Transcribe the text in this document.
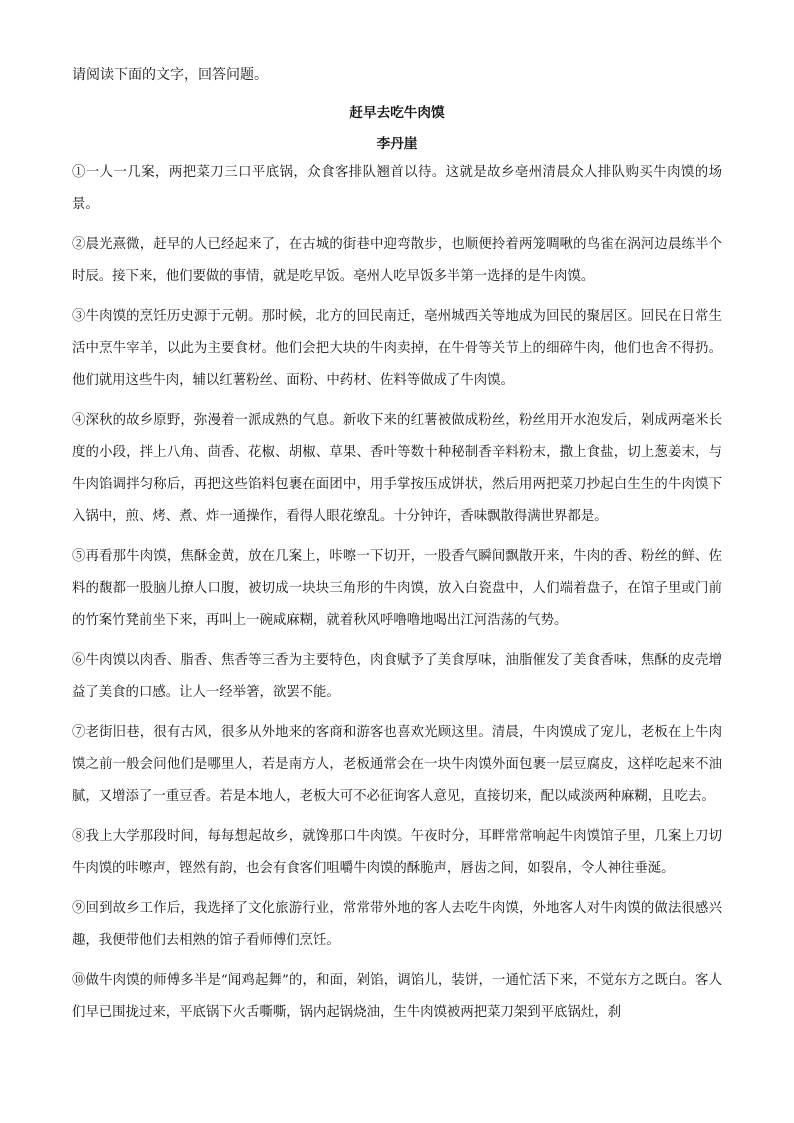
请阅读下面的文字，回答问题。
赶早去吃牛肉馍
李丹崖

①一人一几案，两把菜刀三口平底锅，众食客排队翘首以待。这就是故乡亳州清晨众人排队购买牛肉馍的场景。

②晨光熹微，赶早的人已经起来了，在古城的街巷中迎弯散步，也顺便拎着两笼啁啾的鸟雀在涡河边晨练半个时辰。接下来，他们要做的事情，就是吃早饭。亳州人吃早饭多半第一选择的是牛肉馍。

③牛肉馍的烹饪历史源于元朝。那时候，北方的回民南迁，亳州城西关等地成为回民的聚居区。回民在日常生活中烹牛宰羊，以此为主要食材。他们会把大块的牛肉卖掉，在牛骨等关节上的细碎牛肉，他们也舍不得扔。他们就用这些牛肉，辅以红薯粉丝、面粉、中药材、佐料等做成了牛肉馍。

④深秋的故乡原野，弥漫着一派成熟的气息。新收下来的红薯被做成粉丝，粉丝用开水泡发后，剁成两毫米长度的小段，拌上八角、茴香、花椒、胡椒、草果、香叶等数十种秘制香辛料粉末，撒上食盐，切上葱姜末，与牛肉馅调拌匀称后，再把这些馅料包裹在面团中，用手掌按压成饼状，然后用两把菜刀抄起白生生的牛肉馍下入锅中，煎、烤、煮、炸一通操作，看得人眼花缭乱。十分钟许，香味飘散得满世界都是。

⑤再看那牛肉馍，焦酥金黄，放在几案上，咔嚓一下切开，一股香气瞬间飘散开来，牛肉的香、粉丝的鲜、佐料的馥都一股脑儿撩人口腹，被切成一块块三角形的牛肉馍，放入白瓷盘中，人们端着盘子，在馆子里或门前的竹案竹凳前坐下来，再叫上一碗咸麻糊，就着秋风呼噜噜地喝出江河浩荡的气势。

⑥牛肉馍以肉香、脂香、焦香等三香为主要特色，肉食赋予了美食厚味，油脂催发了美食香味，焦酥的皮壳增益了美食的口感。让人一经举箸，欲罢不能。

⑦老街旧巷，很有古风，很多从外地来的客商和游客也喜欢光顾这里。清晨，牛肉馍成了宠儿，老板在上牛肉馍之前一般会问他们是哪里人，若是南方人，老板通常会在一块牛肉馍外面包裹一层豆腐皮，这样吃起来不油腻，又增添了一重豆香。若是本地人，老板大可不必征询客人意见，直接切来，配以咸淡两种麻糊，且吃去。

⑧我上大学那段时间，每每想起故乡，就馋那口牛肉馍。午夜时分，耳畔常常响起牛肉馍馆子里，几案上刀切牛肉馍的咔嚓声，铿然有韵，也会有食客们咀嚼牛肉馍的酥脆声，唇齿之间，如裂帛，令人神往垂涎。

⑨回到故乡工作后，我选择了文化旅游行业，常常带外地的客人去吃牛肉馍，外地客人对牛肉馍的做法很感兴趣，我便带他们去相熟的馆子看师傅们烹饪。

⑩做牛肉馍的师傅多半是“闻鸡起舞”的，和面，剁馅，调馅儿，装饼，一通忙活下来，不觉东方之既白。客人们早已围拢过来，平底锅下火舌嘶嘶，锅内起锅烧油，生牛肉馍被两把菜刀架到平底锅灶，刹
